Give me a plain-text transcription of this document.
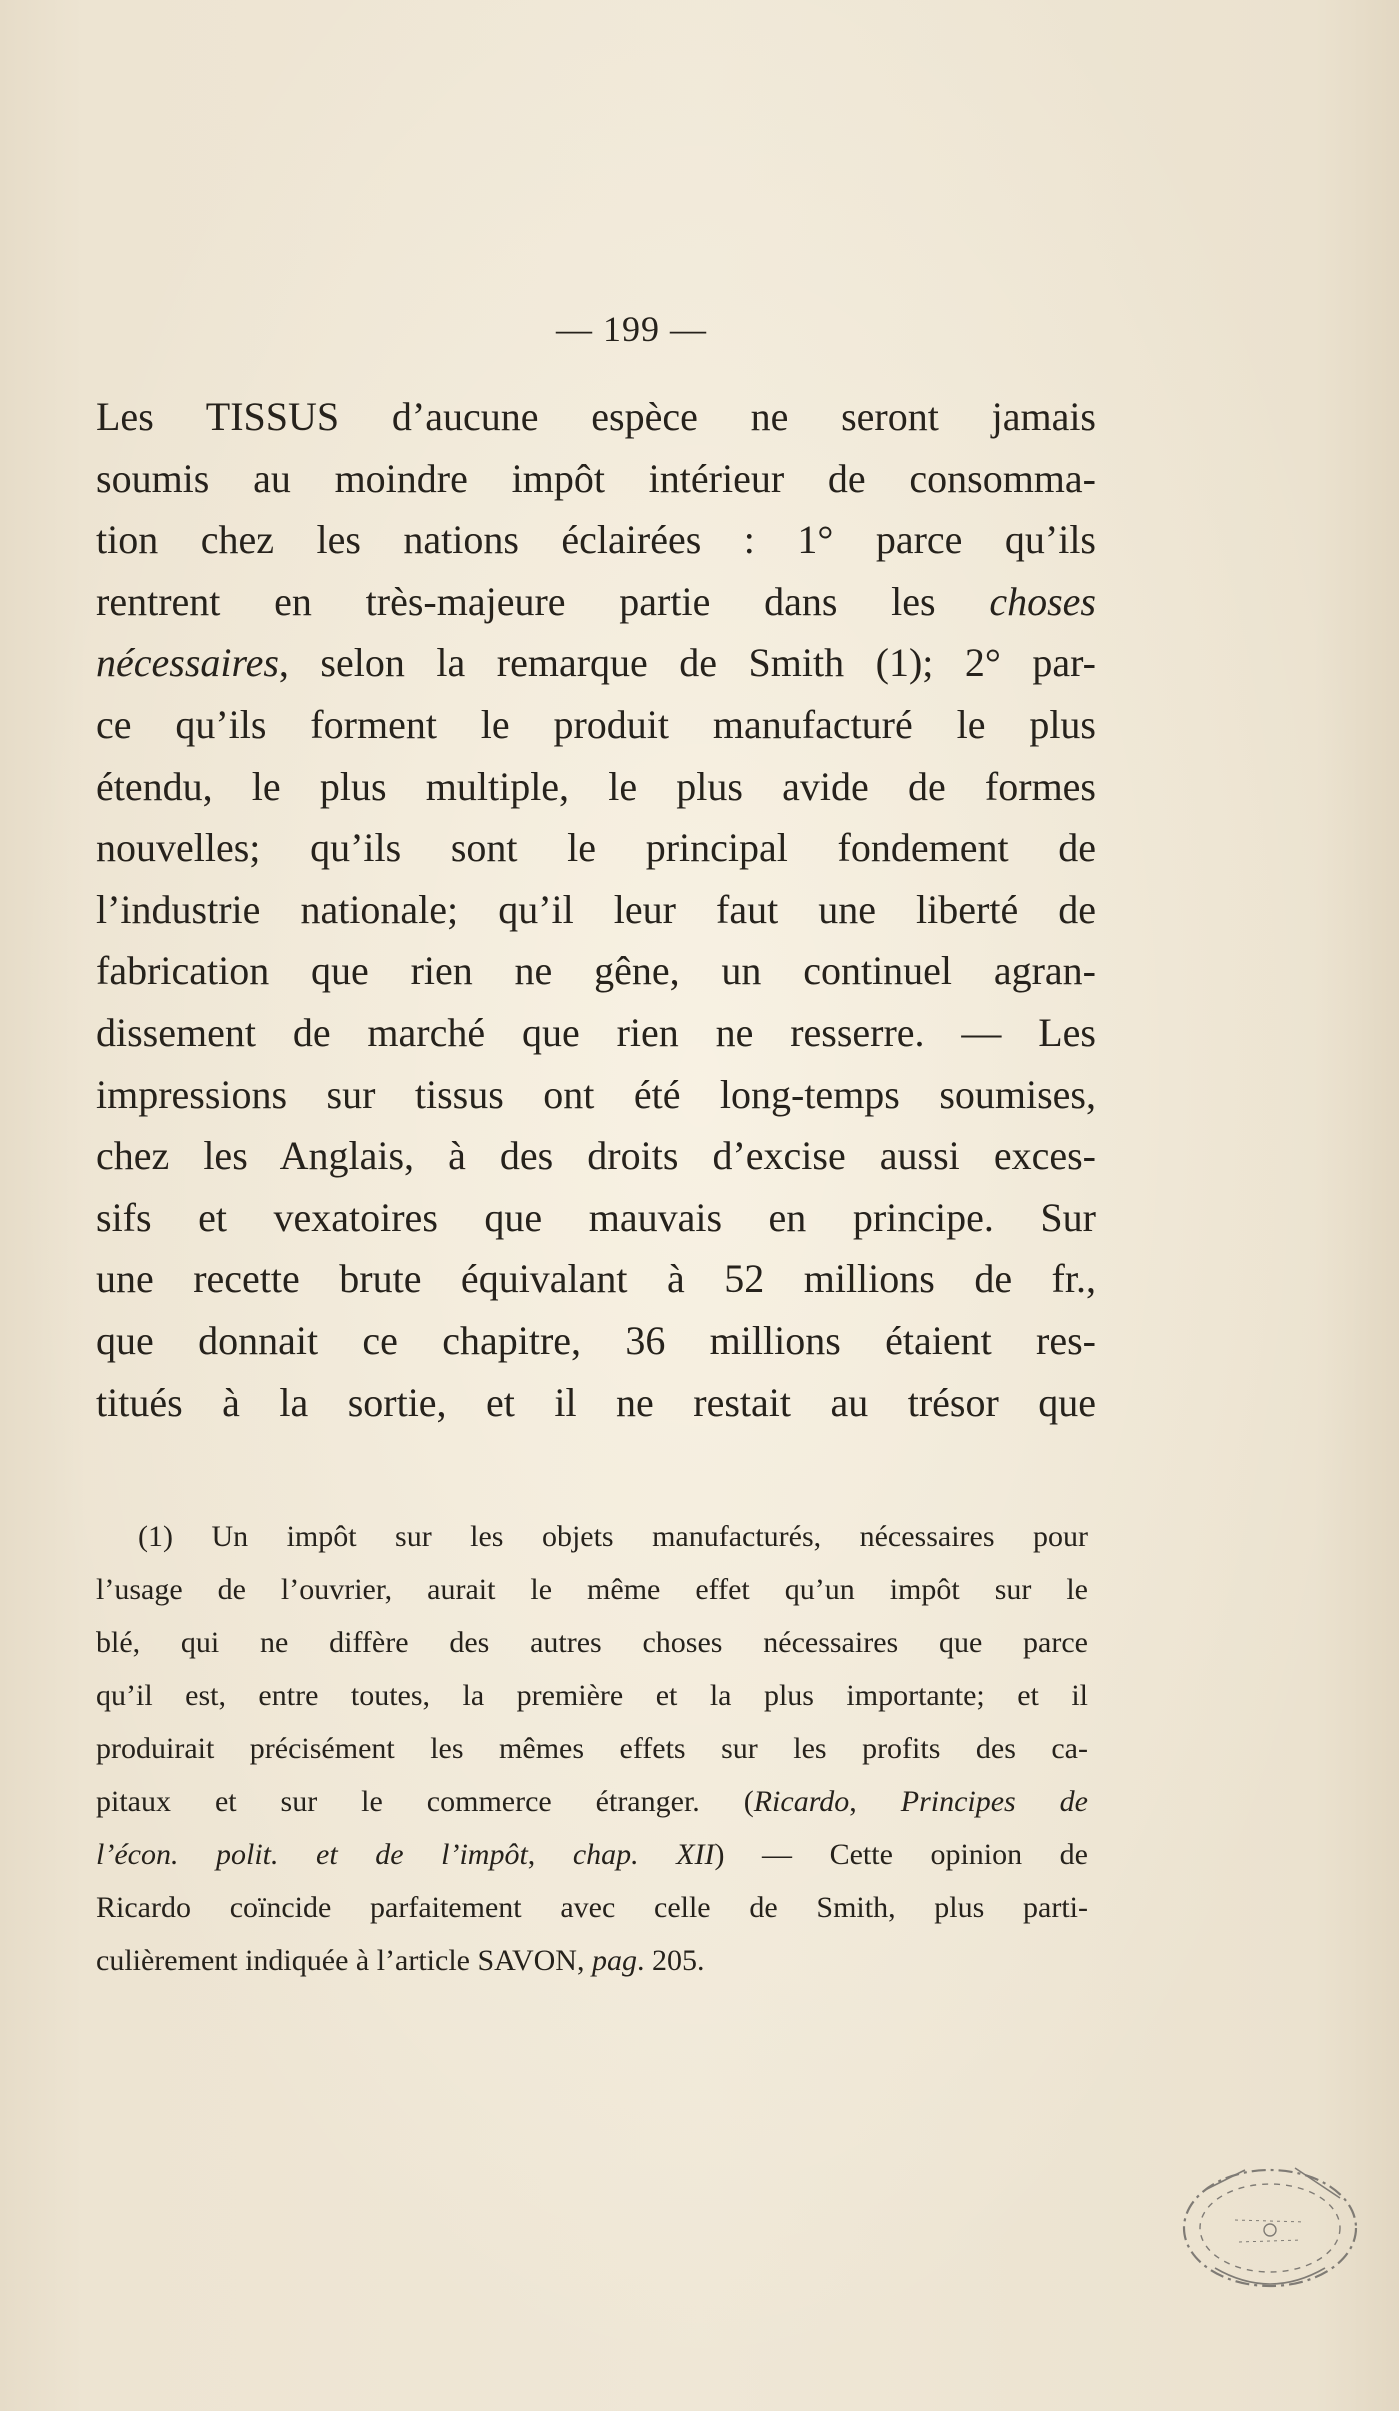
— 199 —
Les TISSUS d’aucune espèce ne seront jamais
soumis au moindre impôt intérieur de consomma-
tion chez les nations éclairées : 1° parce qu’ils
rentrent en très-majeure partie dans les choses
nécessaires, selon la remarque de Smith (1); 2° par-
ce qu’ils forment le produit manufacturé le plus
étendu, le plus multiple, le plus avide de formes
nouvelles; qu’ils sont le principal fondement de
l’industrie nationale; qu’il leur faut une liberté de
fabrication que rien ne gêne, un continuel agran-
dissement de marché que rien ne resserre. — Les
impressions sur tissus ont été long-temps soumises,
chez les Anglais, à des droits d’excise aussi exces-
sifs et vexatoires que mauvais en principe. Sur
une recette brute équivalant à 52 millions de fr.,
que donnait ce chapitre, 36 millions étaient res-
titués à la sortie, et il ne restait au trésor que
(1) Un impôt sur les objets manufacturés, nécessaires pour
l’usage de l’ouvrier, aurait le même effet qu’un impôt sur le
blé, qui ne diffère des autres choses nécessaires que parce
qu’il est, entre toutes, la première et la plus importante; et il
produirait précisément les mêmes effets sur les profits des ca-
pitaux et sur le commerce étranger. (Ricardo, Principes de
l’écon. polit. et de l’impôt, chap. XII) — Cette opinion de
Ricardo coïncide parfaitement avec celle de Smith, plus parti-
culièrement indiquée à l’article SAVON, pag. 205.
